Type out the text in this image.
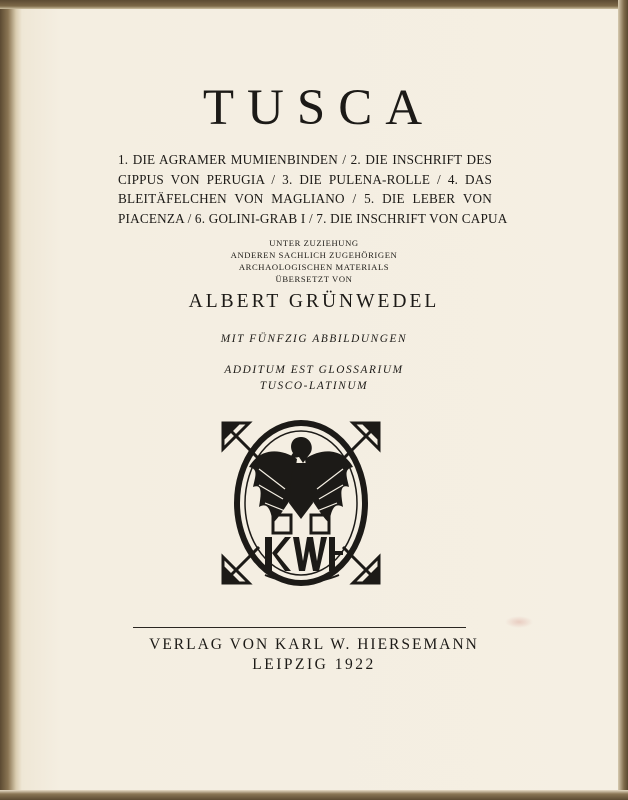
TUSCA
1. DIE AGRAMER MUMIENBINDEN / 2. DIE INSCHRIFT DES
CIPPUS VON PERUGIA / 3. DIE PULENA-ROLLE / 4. DAS
BLEITÄFELCHEN VON MAGLIANO / 5. DIE LEBER VON
PIACENZA / 6. GOLINI-GRAB I / 7. DIE INSCHRIFT VON CAPUA
UNTER ZUZIEHUNG
ANDEREN SACHLICH ZUGEHÖRIGEN
ARCHAOLOGISCHEN MATERIALS
ÜBERSETZT VON
ALBERT GRÜNWEDEL
MIT FÜNFZIG ABBILDUNGEN
ADDITUM EST GLOSSARIUM
TUSCO-LATINUM
VERLAG VON KARL W. HIERSEMANN
LEIPZIG 1922
